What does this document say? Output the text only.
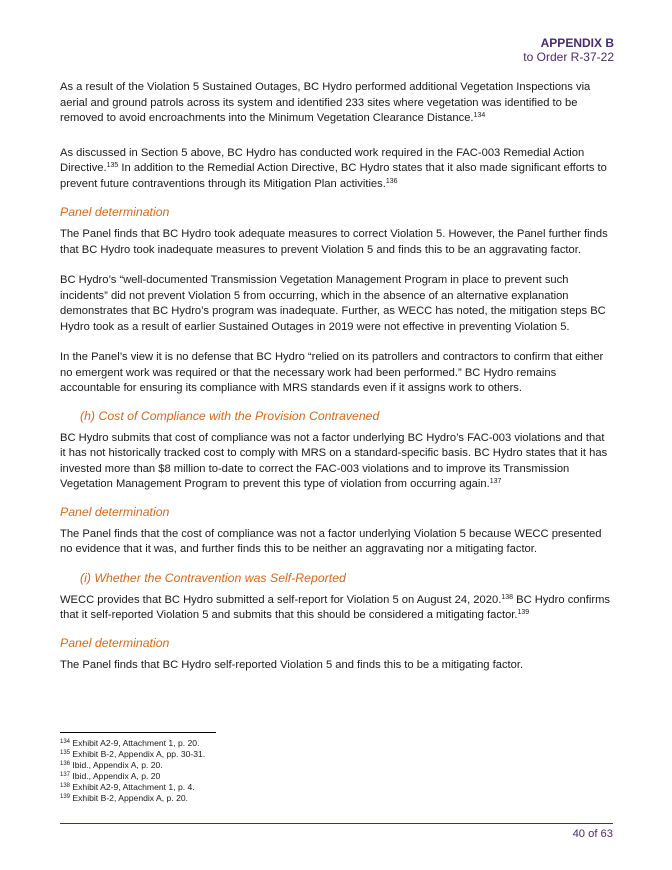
APPENDIX B
to Order R-37-22

As a result of the Violation 5 Sustained Outages, BC Hydro performed additional Vegetation Inspections via aerial and ground patrols across its system and identified 233 sites where vegetation was identified to be removed to avoid encroachments into the Minimum Vegetation Clearance Distance.$^{134}$

As discussed in Section 5 above, BC Hydro has conducted work required in the FAC-003 Remedial Action Directive.$^{135}$ In addition to the Remedial Action Directive, BC Hydro states that it also made significant efforts to prevent future contraventions through its Mitigation Plan activities.$^{136}$

Panel determination

The Panel finds that BC Hydro took adequate measures to correct Violation 5. However, the Panel further finds that BC Hydro took inadequate measures to prevent Violation 5 and finds this to be an aggravating factor.

BC Hydro’s “well-documented Transmission Vegetation Management Program in place to prevent such incidents” did not prevent Violation 5 from occurring, which in the absence of an alternative explanation demonstrates that BC Hydro’s program was inadequate. Further, as WECC has noted, the mitigation steps BC Hydro took as a result of earlier Sustained Outages in 2019 were not effective in preventing Violation 5.

In the Panel’s view it is no defense that BC Hydro “relied on its patrollers and contractors to confirm that either no emergent work was required or that the necessary work had been performed.” BC Hydro remains accountable for ensuring its compliance with MRS standards even if it assigns work to others.

(h) Cost of Compliance with the Provision Contravened

BC Hydro submits that cost of compliance was not a factor underlying BC Hydro’s FAC-003 violations and that it has not historically tracked cost to comply with MRS on a standard-specific basis. BC Hydro states that it has invested more than $8 million to-date to correct the FAC-003 violations and to improve its Transmission Vegetation Management Program to prevent this type of violation from occurring again.$^{137}$

Panel determination

The Panel finds that the cost of compliance was not a factor underlying Violation 5 because WECC presented no evidence that it was, and further finds this to be neither an aggravating nor a mitigating factor.

(i) Whether the Contravention was Self-Reported

WECC provides that BC Hydro submitted a self-report for Violation 5 on August 24, 2020.$^{138}$ BC Hydro confirms that it self-reported Violation 5 and submits that this should be considered a mitigating factor.$^{139}$

Panel determination

The Panel finds that BC Hydro self-reported Violation 5 and finds this to be a mitigating factor.

$^{134}$ Exhibit A2-9, Attachment 1, p. 20.
$^{135}$ Exhibit B-2, Appendix A, pp. 30-31.
$^{136}$ Ibid., Appendix A, p. 20.
$^{137}$ Ibid., Appendix A, p. 20
$^{138}$ Exhibit A2-9, Attachment 1, p. 4.
$^{139}$ Exhibit B-2, Appendix A, p. 20.
40 of 63
